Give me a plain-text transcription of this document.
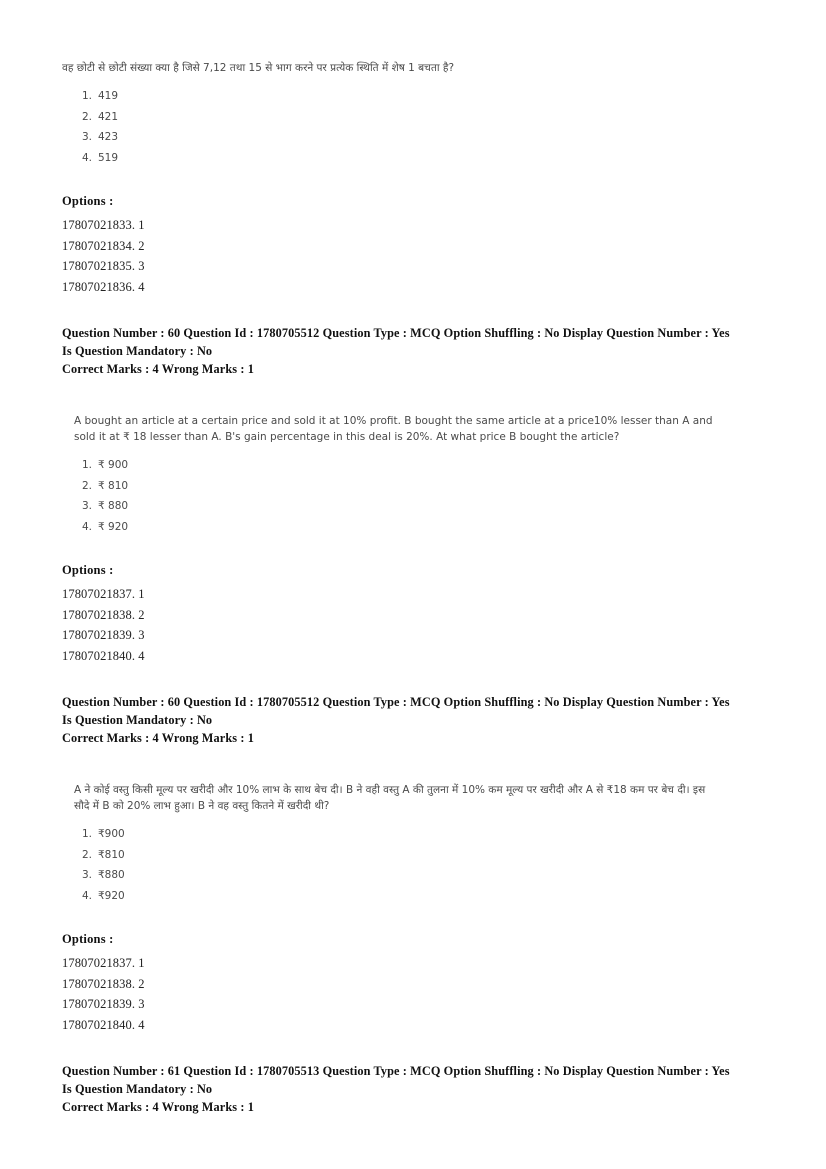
वह छोटी से छोटी संख्या क्या है जिसे 7,12 तथा 15 से भाग करने पर प्रत्येक स्थिति में शेष 1 बचता है?

1. 419
2. 421
3. 423
4. 519
Options :
17807021833. 1
17807021834. 2
17807021835. 3
17807021836. 4
Question Number : 60 Question Id : 1780705512 Question Type : MCQ Option Shuffling : No Display Question Number : Yes
Is Question Mandatory : No
Correct Marks : 4 Wrong Marks : 1

A bought an article at a certain price and sold it at 10% profit. B bought the same article at a price10% lesser than A and sold it at ₹ 18 lesser than A. B's gain percentage in this deal is 20%. At what price B bought the article?

1. ₹ 900
2. ₹ 810
3. ₹ 880
4. ₹ 920
Options :
17807021837. 1
17807021838. 2
17807021839. 3
17807021840. 4
Question Number : 60 Question Id : 1780705512 Question Type : MCQ Option Shuffling : No Display Question Number : Yes
Is Question Mandatory : No
Correct Marks : 4 Wrong Marks : 1

A ने कोई वस्तु किसी मूल्य पर खरीदी और 10% लाभ के साथ बेच दी। B ने वही वस्तु A की तुलना में 10% कम मूल्य पर खरीदी और A से ₹18 कम पर बेच दी। इस सौदे में B को 20% लाभ हुआ। B ने वह वस्तु कितने में खरीदी थी?

1. ₹900
2. ₹810
3. ₹880
4. ₹920
Options :
17807021837. 1
17807021838. 2
17807021839. 3
17807021840. 4
Question Number : 61 Question Id : 1780705513 Question Type : MCQ Option Shuffling : No Display Question Number : Yes
Is Question Mandatory : No
Correct Marks : 4 Wrong Marks : 1
